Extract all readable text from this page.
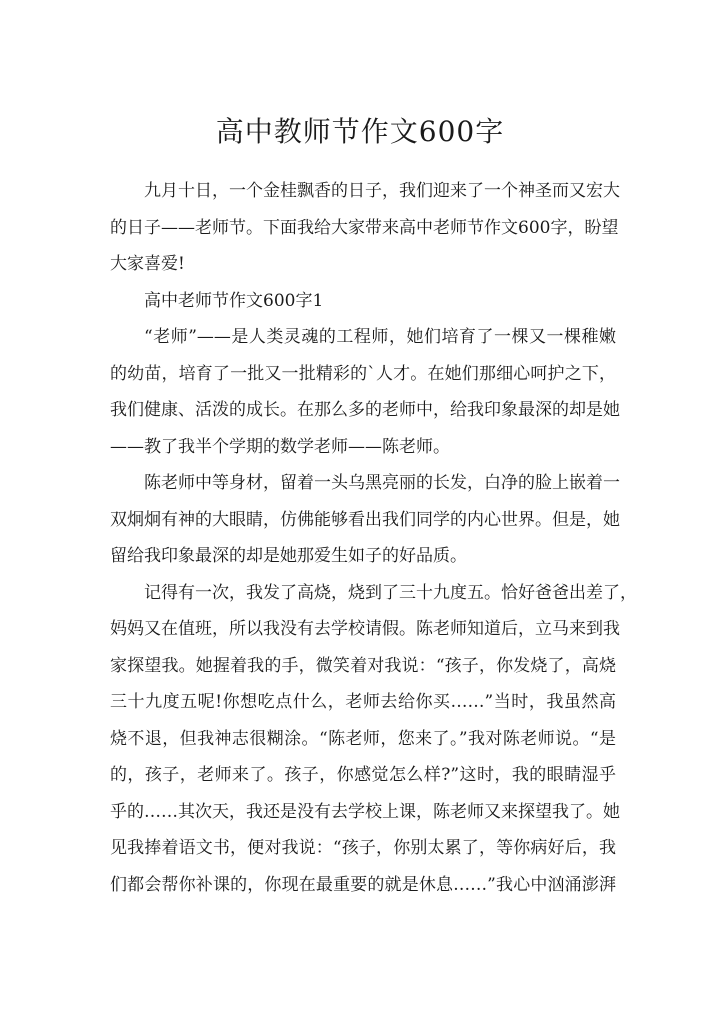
高中教师节作文600字
九月十日，一个金桂飘香的日子，我们迎来了一个神圣而又宏大
的日子——老师节。下面我给大家带来高中老师节作文600字，盼望
大家喜爱!
高中老师节作文600字1
“老师”——是人类灵魂的工程师，她们培育了一棵又一棵稚嫩
的幼苗，培育了一批又一批精彩的`人才。在她们那细心呵护之下，
我们健康、活泼的成长。在那么多的老师中，给我印象最深的却是她
——教了我半个学期的数学老师——陈老师。
陈老师中等身材，留着一头乌黑亮丽的长发，白净的脸上嵌着一
双炯炯有神的大眼睛，仿佛能够看出我们同学的内心世界。但是，她
留给我印象最深的却是她那爱生如子的好品质。
记得有一次，我发了高烧，烧到了三十九度五。恰好爸爸出差了，
妈妈又在值班，所以我没有去学校请假。陈老师知道后，立马来到我
家探望我。她握着我的手，微笑着对我说：“孩子，你发烧了，高烧
三十九度五呢!你想吃点什么，老师去给你买……”当时，我虽然高
烧不退，但我神志很糊涂。“陈老师，您来了。”我对陈老师说。“是
的，孩子，老师来了。孩子，你感觉怎么样?”这时，我的眼睛湿乎
乎的……其次天，我还是没有去学校上课，陈老师又来探望我了。她
见我捧着语文书，便对我说：“孩子，你别太累了，等你病好后，我
们都会帮你补课的，你现在最重要的就是休息……”我心中汹涌澎湃
